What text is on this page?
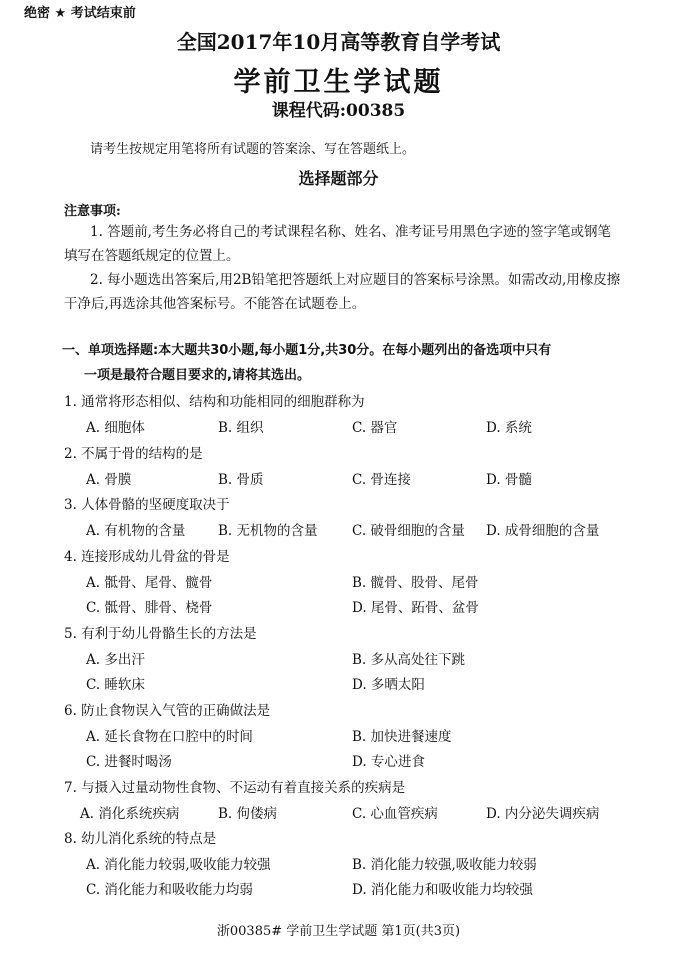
绝密 ★ 考试结束前
全国2017年10月高等教育自学考试
学前卫生学试题
课程代码:00385
请考生按规定用笔将所有试题的答案涂、写在答题纸上。
选择题部分
注意事项:
1. 答题前,考生务必将自己的考试课程名称、姓名、准考证号用黑色字迹的签字笔或钢笔填写在答题纸规定的位置上。
2. 每小题选出答案后,用2B铅笔把答题纸上对应题目的答案标号涂黑。如需改动,用橡皮擦干净后,再选涂其他答案标号。不能答在试题卷上。
一、单项选择题:本大题共30小题,每小题1分,共30分。在每小题列出的备选项中只有
一项是最符合题目要求的,请将其选出。
1. 通常将形态相似、结构和功能相同的细胞群称为
A. 细胞体	B. 组织	C. 器官	D. 系统
2. 不属于骨的结构的是
A. 骨膜	B. 骨质	C. 骨连接	D. 骨髓
3. 人体骨骼的坚硬度取决于
A. 有机物的含量 B. 无机物的含量	C. 破骨细胞的含量 D. 成骨细胞的含量
4. 连接形成幼儿骨盆的骨是
A. 骶骨、尾骨、髋骨	B. 髋骨、股骨、尾骨
C. 骶骨、腓骨、桡骨	D. 尾骨、跖骨、盆骨
5. 有利于幼儿骨骼生长的方法是
A. 多出汗	B. 多从高处往下跳
C. 睡软床	D. 多晒太阳
6. 防止食物误入气管的正确做法是
A. 延长食物在口腔中的时间	B. 加快进餐速度
C. 进餐时喝汤	D. 专心进食
7. 与摄入过量动物性食物、不运动有着直接关系的疾病是
A. 消化系统疾病	B. 佝偻病	C. 心血管疾病	D. 内分泌失调疾病
8. 幼儿消化系统的特点是
A. 消化能力较弱,吸收能力较强	B. 消化能力较强,吸收能力较弱
C. 消化能力和吸收能力均弱	D. 消化能力和吸收能力均较强
浙00385# 学前卫生学试题 第1页(共3页)
